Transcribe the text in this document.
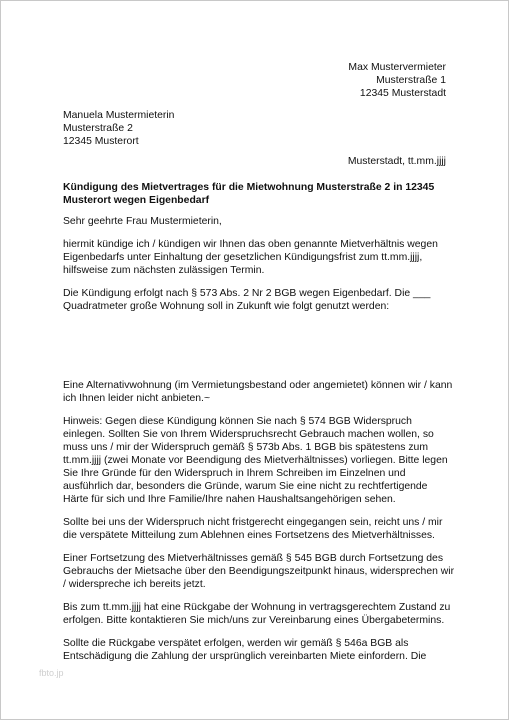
Max Mustervermieter
Musterstraße 1
12345 Musterstadt
Manuela Mustermieterin
Musterstraße 2
12345 Musterort
Musterstadt, tt.mm.jjjj
Kündigung des Mietvertrages für die Mietwohnung Musterstraße 2 in 12345
Musterort wegen Eigenbedarf
Sehr geehrte Frau Mustermieterin,
hiermit kündige ich / kündigen wir Ihnen das oben genannte Mietverhältnis wegen
Eigenbedarfs unter Einhaltung der gesetzlichen Kündigungsfrist zum tt.mm.jjjj,
hilfsweise zum nächsten zulässigen Termin.
Die Kündigung erfolgt nach § 573 Abs. 2 Nr 2 BGB wegen Eigenbedarf. Die ___
Quadratmeter große Wohnung soll in Zukunft wie folgt genutzt werden:
Eine Alternativwohnung (im Vermietungsbestand oder angemietet) können wir / kann
ich Ihnen leider nicht anbieten.~
Hinweis: Gegen diese Kündigung können Sie nach § 574 BGB Widerspruch
einlegen. Sollten Sie von Ihrem Widerspruchsrecht Gebrauch machen wollen, so
muss uns / mir der Widerspruch gemäß § 573b Abs. 1 BGB bis spätestens zum
tt.mm.jjjj (zwei Monate vor Beendigung des Mietverhältnisses) vorliegen. Bitte legen
Sie Ihre Gründe für den Widerspruch in Ihrem Schreiben im Einzelnen und
ausführlich dar, besonders die Gründe, warum Sie eine nicht zu rechtfertigende
Härte für sich und Ihre Familie/Ihre nahen Haushaltsangehörigen sehen.
Sollte bei uns der Widerspruch nicht fristgerecht eingegangen sein, reicht uns / mir
die verspätete Mitteilung zum Ablehnen eines Fortsetzens des Mietverhältnisses.
Einer Fortsetzung des Mietverhältnisses gemäß § 545 BGB durch Fortsetzung des
Gebrauchs der Mietsache über den Beendigungszeitpunkt hinaus, widersprechen wir
/ widerspreche ich bereits jetzt.
Bis zum tt.mm.jjjj hat eine Rückgabe der Wohnung in vertragsgerechtem Zustand zu
erfolgen. Bitte kontaktieren Sie mich/uns zur Vereinbarung eines Übergabetermins.
Sollte die Rückgabe verspätet erfolgen, werden wir gemäß § 546a BGB als
Entschädigung die Zahlung der ursprünglich vereinbarten Miete einfordern. Die
fbto.jp
